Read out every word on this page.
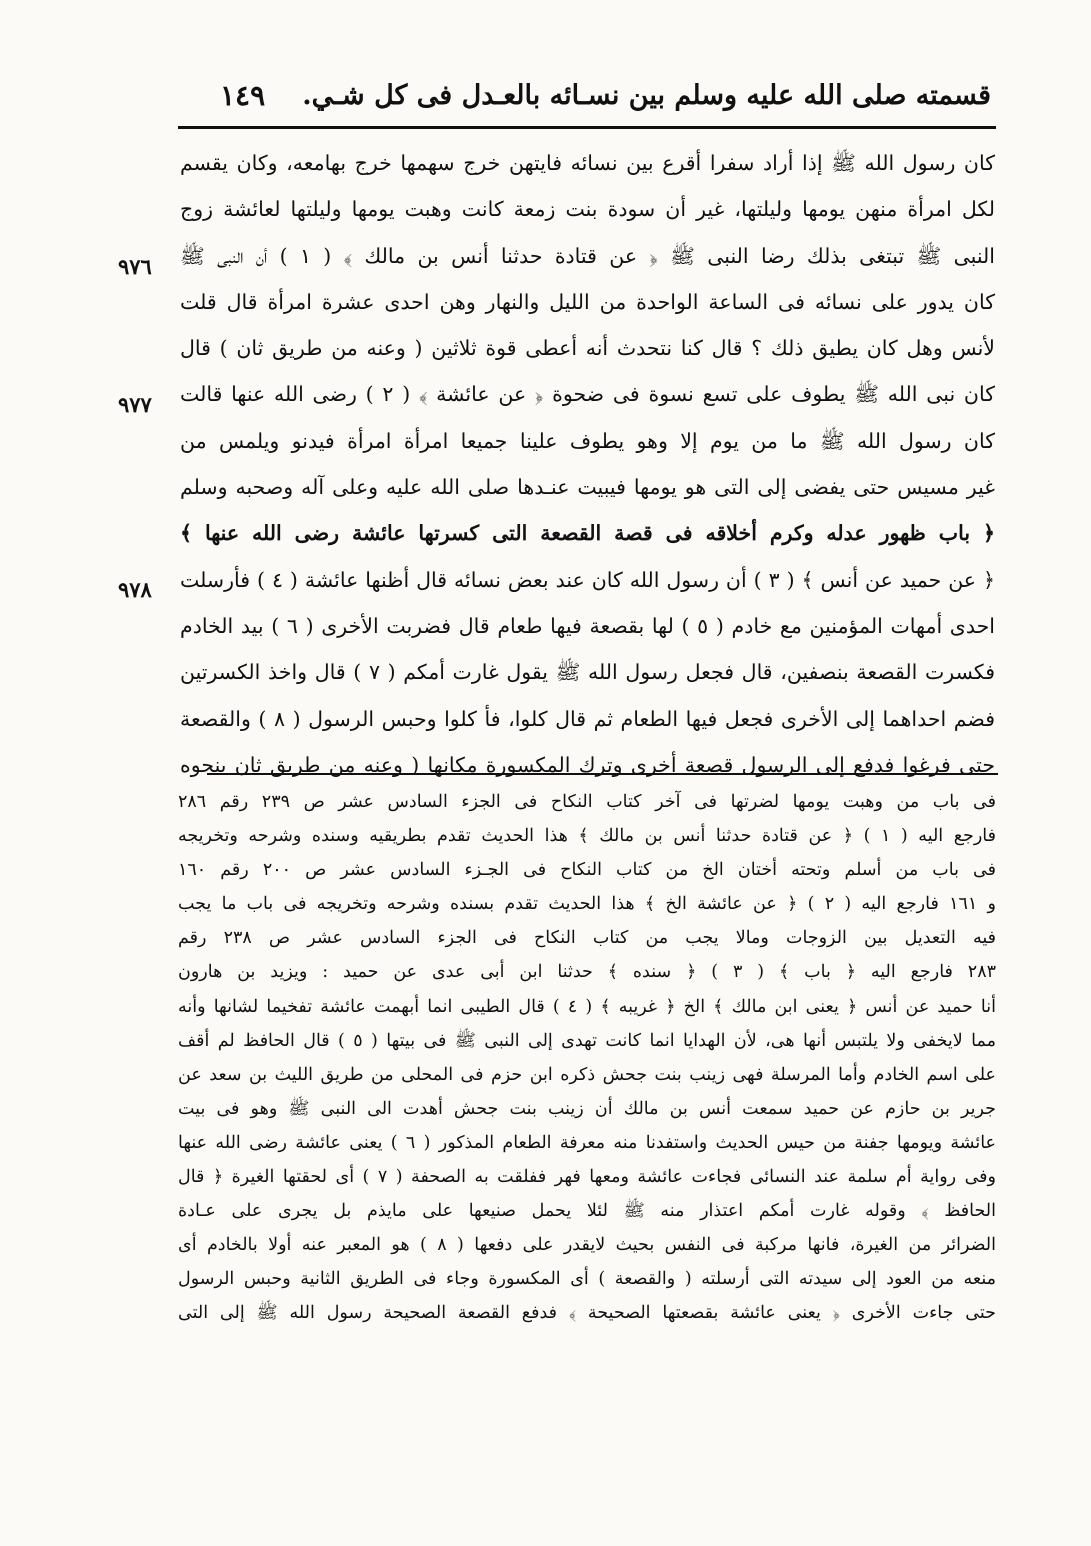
قسمته صلى الله عليه وسلم بين نسـائه بالعـدل فى كل شـي.
١٤٩
٩٧٦
٩٧٧
٩٧٨
كان رسول الله ﷺ إذا أراد سفرا أقرع بين نسائه فايتهن خرج سهمها خرج بهامعه، وكان يقسم
لكل امرأة منهن يومها وليلتها، غير أن سودة بنت زمعة كانت وهبت يومها وليلتها لعائشة زوج
النبى ﷺ تبتغى بذلك رضا النبى ﷺ ﴿ عن قتادة حدثنا أنس بن مالك ﴾ ( ١ ) أن النبى ﷺ
كان يدور على نسائه فى الساعة الواحدة من الليل والنهار وهن احدى عشرة امرأة قال قلت
لأنس وهل كان يطيق ذلك ؟ قال كنا نتحدث أنه أعطى قوة ثلاثين ( وعنه من طريق ثان ) قال
كان نبى الله ﷺ يطوف على تسع نسوة فى ضحوة ﴿ عن عائشة ﴾ ( ٢ ) رضى الله عنها قالت
كان رسول الله ﷺ ما من يوم إلا وهو يطوف علينا جميعا امرأة امرأة فيدنو ويلمس من
غير مسيس حتى يفضى إلى التى هو يومها فيبيت عنـدها صلى الله عليه وعلى آله وصحبه وسلم
﴿ باب ظهور عدله وكرم أخلاقه فى قصة القصعة التى كسرتها عائشة رضى الله عنها ﴾
﴿ عن حميد عن أنس ﴾ ( ٣ ) أن رسول الله كان عند بعض نسائه قال أظنها عائشة ( ٤ ) فأرسلت
احدى أمهات المؤمنين مع خادم ( ٥ ) لها بقصعة فيها طعام قال فضربت الأخرى ( ٦ ) بيد الخادم
فكسرت القصعة بنصفين، قال فجعل رسول الله ﷺ يقول غارت أمكم ( ٧ ) قال واخذ الكسرتين
فضم احداهما إلى الأخرى فجعل فيها الطعام ثم قال كلوا، فأ كلوا وحبس الرسول ( ٨ ) والقصعة
حتى فرغوا فدفع إلى الرسول قصعة أخرى وترك المكسورة مكانها ( وعنه من طريق ثان بنحوه
فى باب من وهبت يومها لضرتها فى آخر كتاب النكاح فى الجزء السادس عشر ص ٢٣٩ رقم ٢٨٦
فارجع اليه ( ١ ) ﴿ عن قتادة حدثنا أنس بن مالك ﴾ هذا الحديث تقدم بطريقيه وسنده وشرحه وتخريجه
فى باب من أسلم وتحته أختان الخ من كتاب النكاح فى الجـزء السادس عشر ص ٢٠٠ رقم ١٦٠
و ١٦١ فارجع اليه ( ٢ ) ﴿ عن عائشة الخ ﴾ هذا الحديث تقدم بسنده وشرحه وتخريجه فى باب ما يجب
فيه التعديل بين الزوجات ومالا يجب من كتاب النكاح فى الجزء السادس عشر ص ٢٣٨ رقم
٢٨٣ فارجع اليه ﴿ باب ﴾ ( ٣ ) ﴿ سنده ﴾ حدثنا ابن أبى عدى عن حميد : ويزيد بن هارون
أنا حميد عن أنس ﴿ يعنى ابن مالك ﴾ الخ ﴿ غريبه ﴾ ( ٤ ) قال الطيبى انما أبهمت عائشة تفخيما لشانها وأنه
مما لايخفى ولا يلتبس أنها هى، لأن الهدايا انما كانت تهدى إلى النبى ﷺ فى بيتها ( ٥ ) قال الحافظ لم أقف
على اسم الخادم وأما المرسلة فهى زينب بنت جحش ذكره ابن حزم فى المحلى من طريق الليث بن سعد عن
جرير بن حازم عن حميد سمعت أنس بن مالك أن زينب بنت جحش أهدت الى النبى ﷺ وهو فى بيت
عائشة ويومها جفنة من حيس الحديث واستفدنا منه معرفة الطعام المذكور ( ٦ ) يعنى عائشة رضى الله عنها
وفى رواية أم سلمة عند النسائى فجاءت عائشة ومعها فهر ففلقت به الصحفة ( ٧ ) أى لحقتها الغيرة ﴿ قال
الحافظ ﴾ وقوله غارت أمكم اعتذار منه ﷺ لئلا يحمل صنيعها على مايذم بل يجرى على عـادة
الضرائر من الغيرة، فانها مركبة فى النفس بحيث لايقدر على دفعها ( ٨ ) هو المعبر عنه أولا بالخادم أى
منعه من العود إلى سيدته التى أرسلته ( والقصعة ) أى المكسورة وجاء فى الطريق الثانية وحبس الرسول
حتى جاءت الأخرى ﴿ يعنى عائشة بقصعتها الصحيحة ﴾ فدفع القصعة الصحيحة رسول الله ﷺ إلى التى
